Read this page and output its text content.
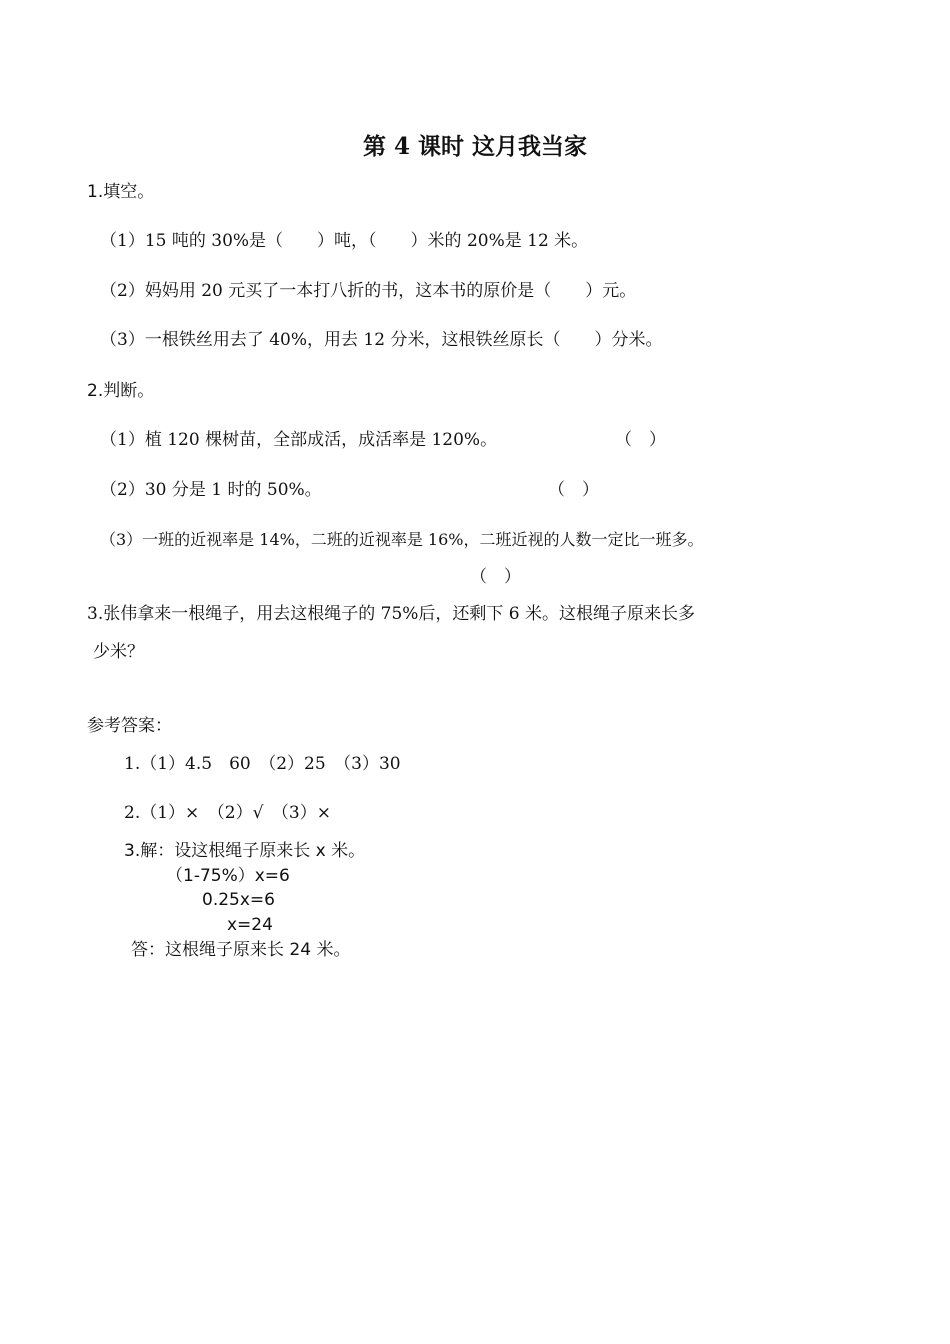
第 4 课时 这月我当家
1.填空。
（1）15 吨的 30%是（　　）吨，（　　）米的 20%是 12 米。
（2）妈妈用 20 元买了一本打八折的书，这本书的原价是（　　）元。
（3）一根铁丝用去了 40%，用去 12 分米，这根铁丝原长（　　）分米。
2.判断。
（1）植 120 棵树苗，全部成活，成活率是 120%。	（　）
（2）30 分是 1 时的 50%。	（　）
（3）一班的近视率是 14%，二班的近视率是 16%，二班近视的人数一定比一班多。
（　）
3.张伟拿来一根绳子，用去这根绳子的 75%后，还剩下 6 米。这根绳子原来长多
少米？
参考答案：
1.（1）4.5　60　（2）25　（3）30
2.（1）×　（2）√　（3）×
3.解：设这根绳子原来长 x 米。
（1-75%）x=6
0.25x=6
x=24
答：这根绳子原来长 24 米。
